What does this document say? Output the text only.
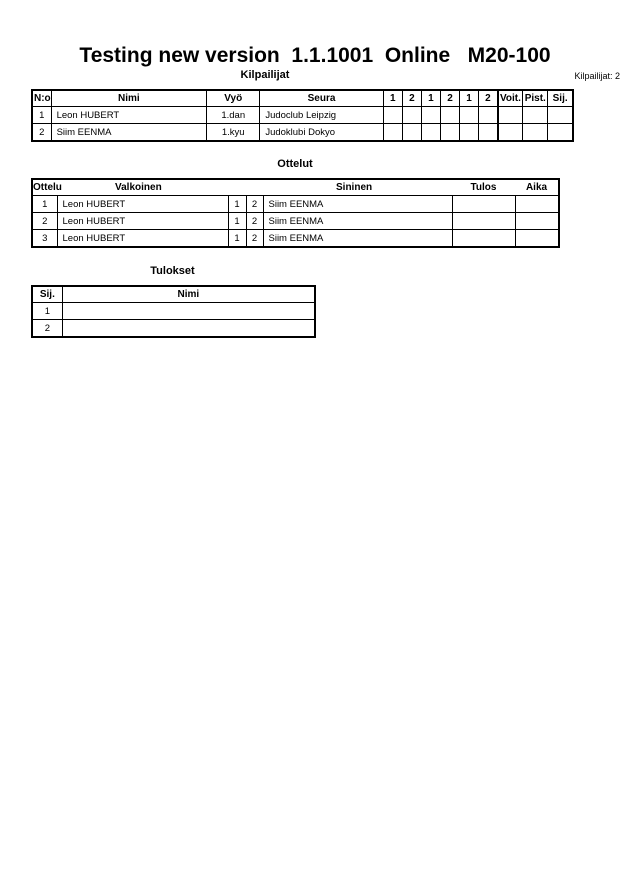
Testing new version  1.1.1001  Online   M20-100
Kilpailijat	Kilpailijat: 2
N:o	Nimi	Vyö	Seura	1	2	1	2	1	2	Voit.	Pist.	Sij.
1	Leon HUBERT	1.dan	Judoclub Leipzig									
2	Siim EENMA	1.kyu	Judoklubi Dokyo									
Ottelut
Ottelu	Valkoinen			Sininen	Tulos	Aika
1	Leon HUBERT	1	2	Siim EENMA		
2	Leon HUBERT	1	2	Siim EENMA		
3	Leon HUBERT	1	2	Siim EENMA		
Tulokset
Sij.	Nimi
1	
2	
